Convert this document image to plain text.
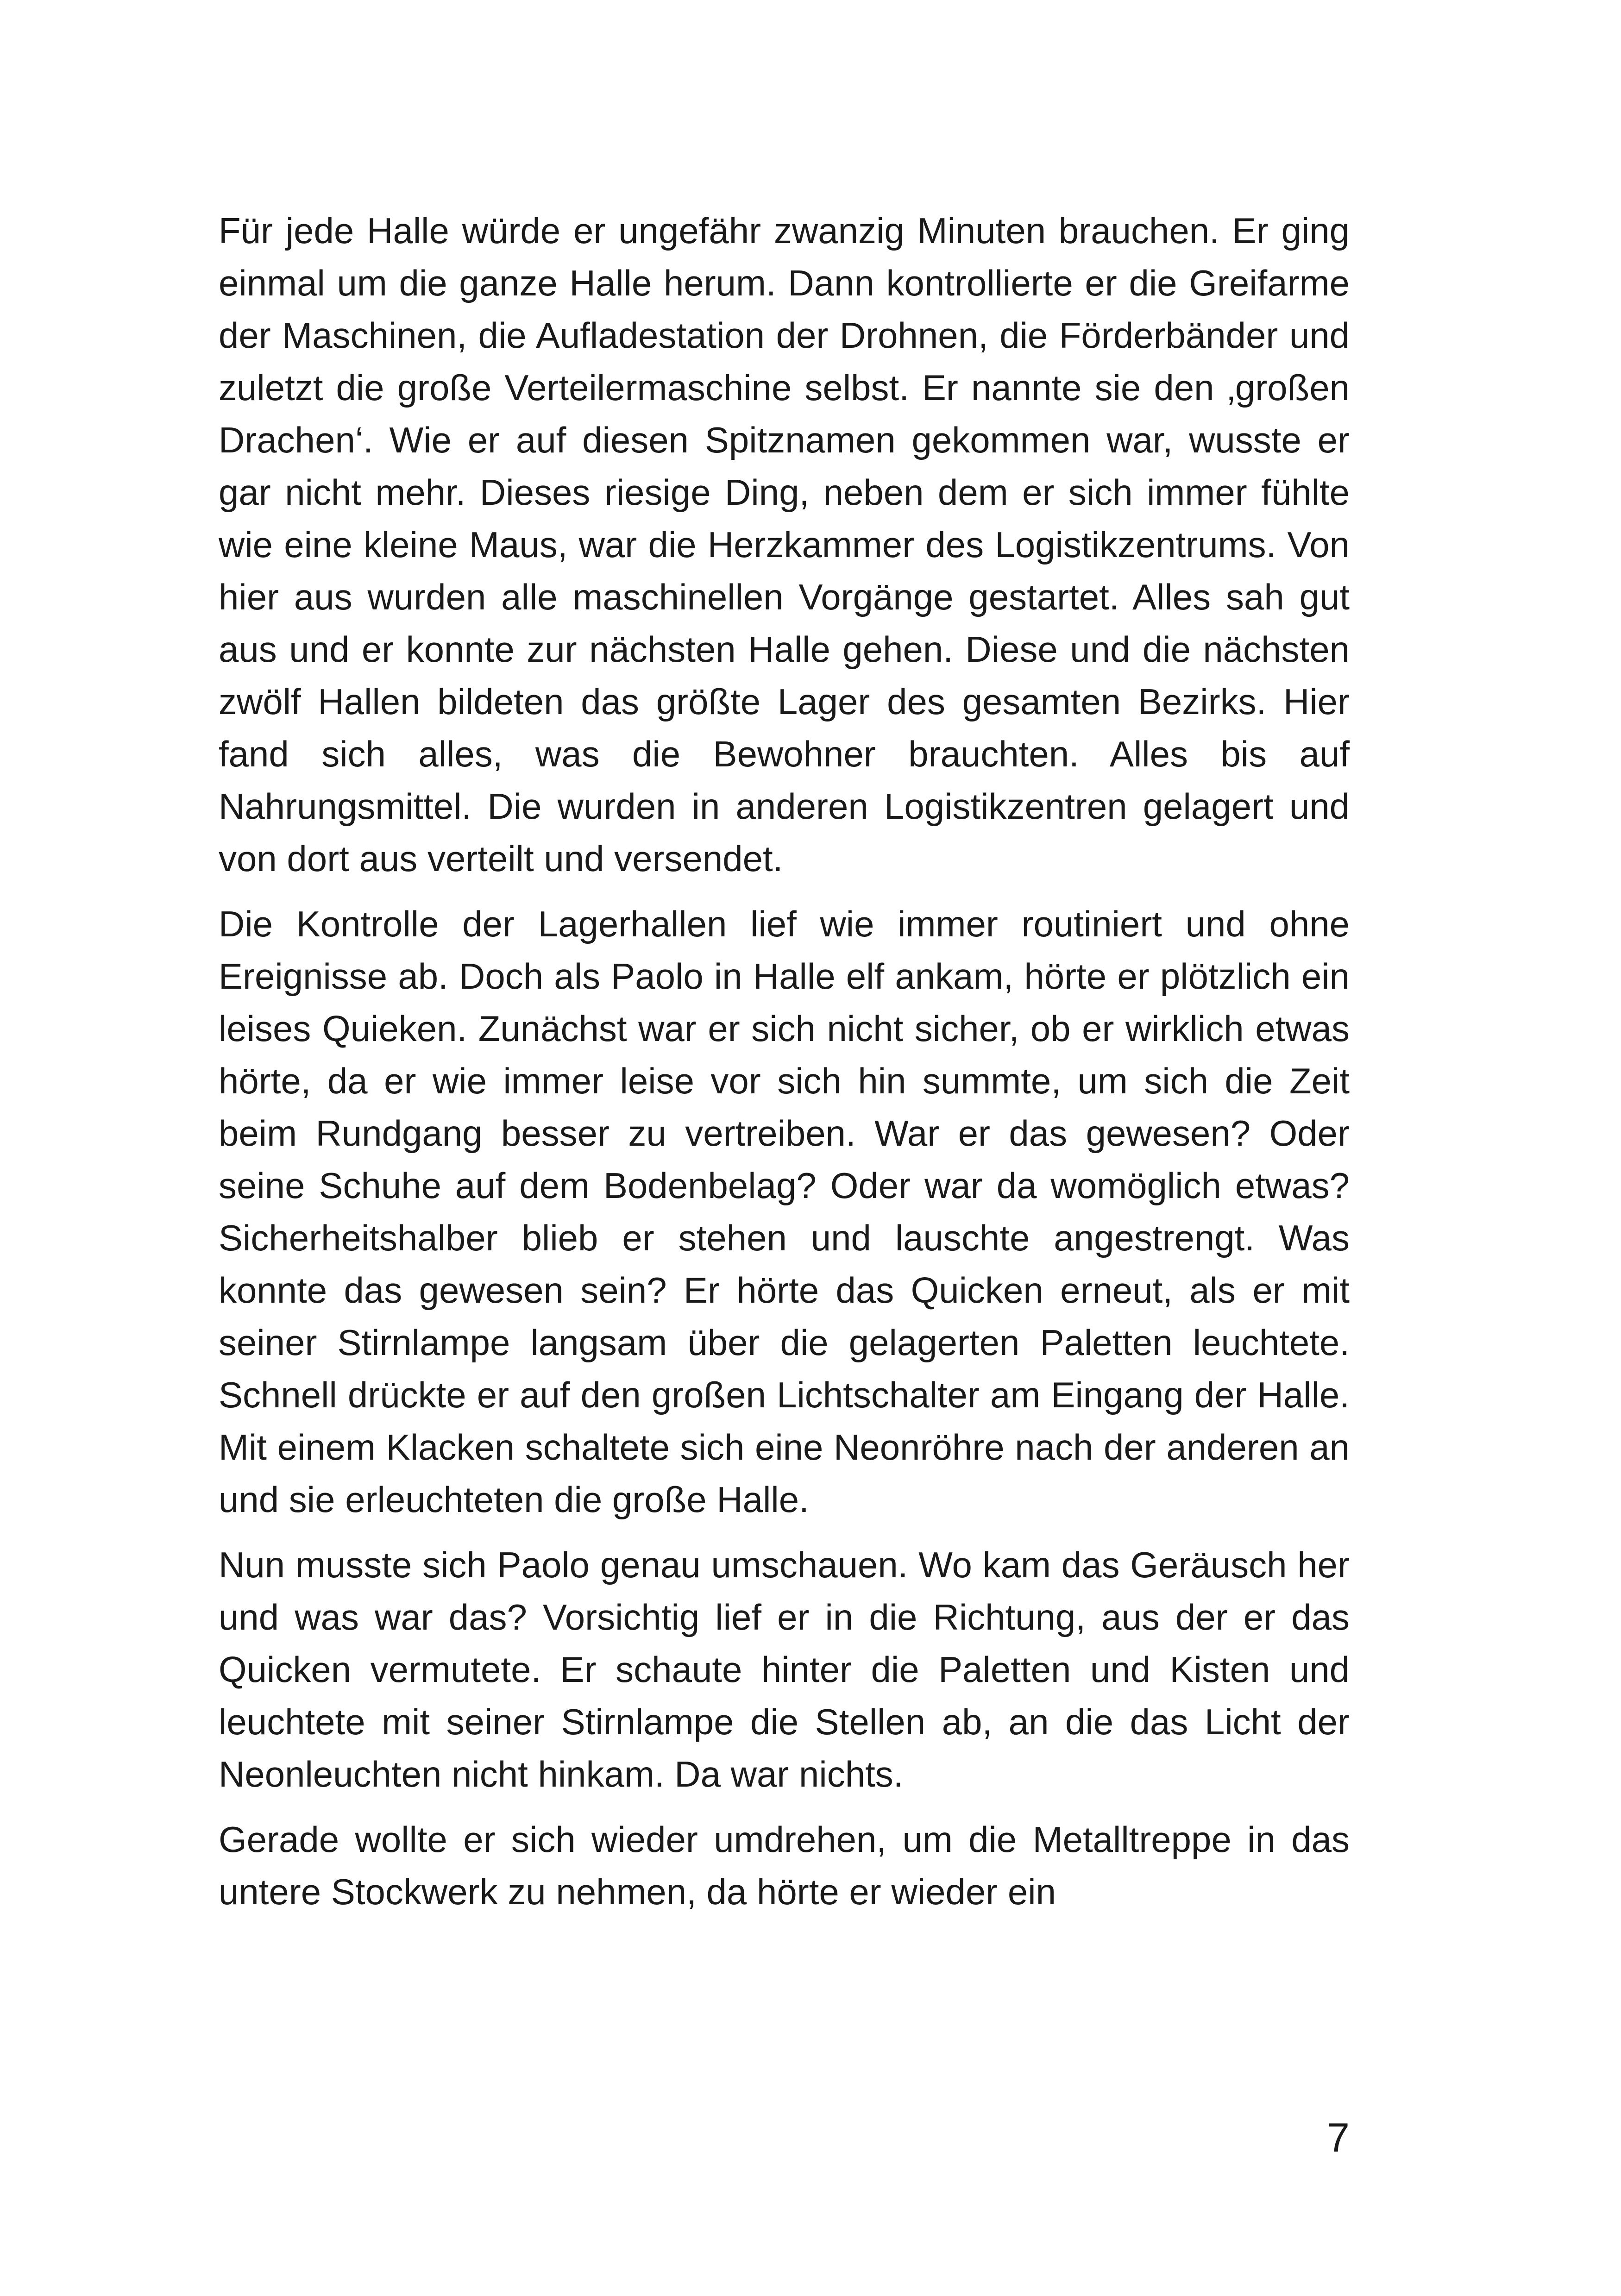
Für jede Halle würde er ungefähr zwanzig Minuten brauchen. Er ging einmal um die ganze Halle herum. Dann kontrollierte er die Greifarme der Maschinen, die Aufladestation der Drohnen, die Förderbänder und zuletzt die große Verteilermaschine selbst. Er nannte sie den ‚großen Drachen‘. Wie er auf diesen Spitznamen gekommen war, wusste er gar nicht mehr. Dieses riesige Ding, neben dem er sich immer fühlte wie eine kleine Maus, war die Herzkammer des Logistikzentrums. Von hier aus wurden alle maschinellen Vorgänge gestartet. Alles sah gut aus und er konnte zur nächsten Halle gehen. Diese und die nächsten zwölf Hallen bildeten das größte Lager des gesamten Bezirks. Hier fand sich alles, was die Bewohner brauchten. Alles bis auf Nahrungsmittel. Die wurden in anderen Logistikzentren gelagert und von dort aus verteilt und versendet.

Die Kontrolle der Lagerhallen lief wie immer routiniert und ohne Ereignisse ab. Doch als Paolo in Halle elf ankam, hörte er plötzlich ein leises Quieken. Zunächst war er sich nicht sicher, ob er wirklich etwas hörte, da er wie immer leise vor sich hin summte, um sich die Zeit beim Rundgang besser zu vertreiben. War er das gewesen? Oder seine Schuhe auf dem Bodenbelag? Oder war da womöglich etwas? Sicherheitshalber blieb er stehen und lauschte angestrengt. Was konnte das gewesen sein? Er hörte das Quicken erneut, als er mit seiner Stirnlampe langsam über die gelagerten Paletten leuchtete. Schnell drückte er auf den großen Lichtschalter am Eingang der Halle. Mit einem Klacken schaltete sich eine Neonröhre nach der anderen an und sie erleuchteten die große Halle.

Nun musste sich Paolo genau umschauen. Wo kam das Geräusch her und was war das? Vorsichtig lief er in die Richtung, aus der er das Quicken vermutete. Er schaute hinter die Paletten und Kisten und leuchtete mit seiner Stirnlampe die Stellen ab, an die das Licht der Neonleuchten nicht hinkam. Da war nichts.

Gerade wollte er sich wieder umdrehen, um die Metalltreppe in das untere Stockwerk zu nehmen, da hörte er wieder ein

7
